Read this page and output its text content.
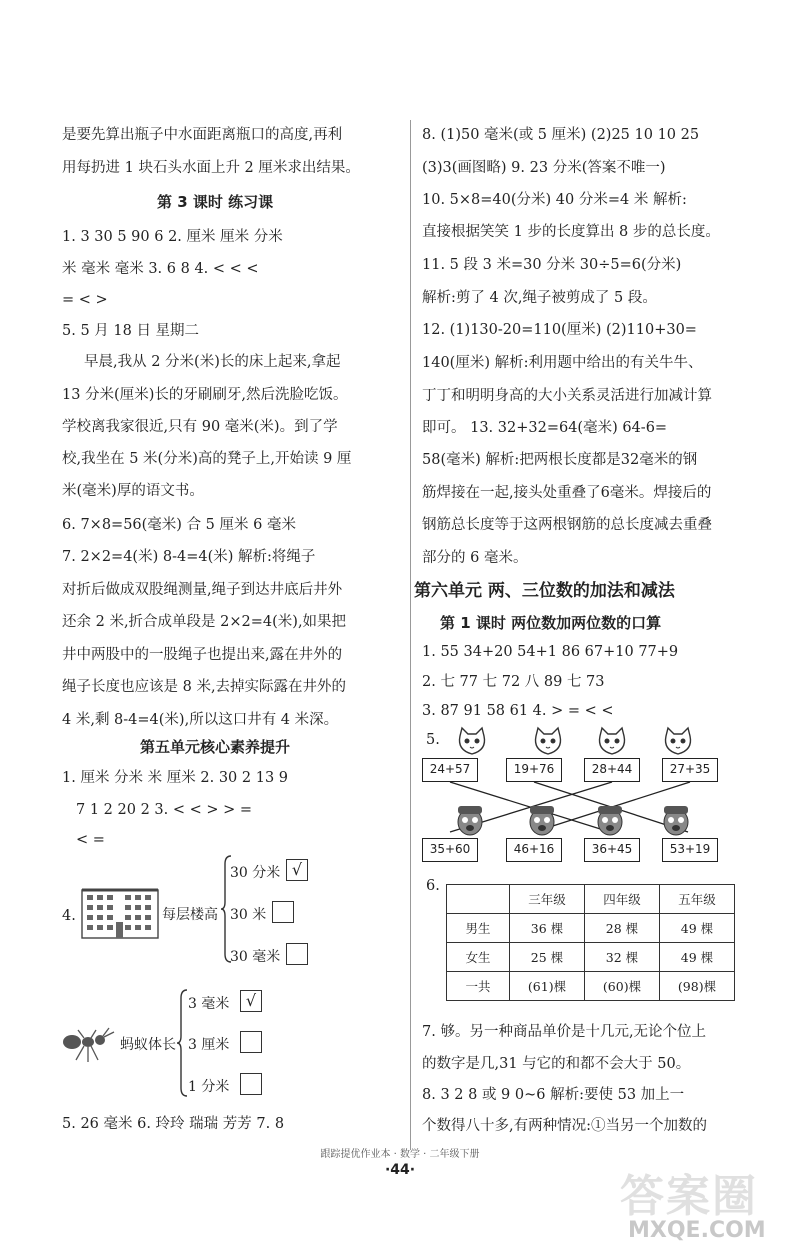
是要先算出瓶子中水面距离瓶口的高度,再利
用每扔进 1 块石头水面上升 2 厘米求出结果。
第 3 课时 练习课
1. 3 30 5 90 6 2. 厘米 厘米 分米
米 毫米 毫米 3. 6 8 4. < < <
= < >
5. 5 月 18 日 星期二
早晨,我从 2 分米(米)长的床上起来,拿起
13 分米(厘米)长的牙刷刷牙,然后洗脸吃饭。
学校离我家很近,只有 90 毫米(米)。到了学
校,我坐在 5 米(分米)高的凳子上,开始读 9 厘
米(毫米)厚的语文书。
6. 7×8=56(毫米) 合 5 厘米 6 毫米
7. 2×2=4(米) 8-4=4(米) 解析:将绳子
对折后做成双股绳测量,绳子到达井底后井外
还余 2 米,折合成单段是 2×2=4(米),如果把
井中两股中的一股绳子也提出来,露在井外的
绳子长度也应该是 8 米,去掉实际露在井外的
4 米,剩 8-4=4(米),所以这口井有 4 米深。
第五单元核心素养提升
1. 厘米 分米 米 厘米 2. 30 2 13 9
7 1 2 20 2 3. < < > > =
< =
4.	每层楼高
30 分米 √
30 米
30 毫米
蚂蚁体长
3 毫米	√
3 厘米
1 分米
5. 26 毫米 6. 玲玲 瑞瑞 芳芳 7. 8
8. (1)50 毫米(或 5 厘米) (2)25 10 10 25
(3)3(画图略) 9. 23 分米(答案不唯一)
10. 5×8=40(分米) 40 分米=4 米 解析:
直接根据笑笑 1 步的长度算出 8 步的总长度。
11. 5 段 3 米=30 分米 30÷5=6(分米)
解析:剪了 4 次,绳子被剪成了 5 段。
12. (1)130-20=110(厘米) (2)110+30=
140(厘米) 解析:利用题中给出的有关牛牛、
丁丁和明明身高的大小关系灵活进行加减计算
即可。 13. 32+32=64(毫米) 64-6=
58(毫米) 解析:把两根长度都是32毫米的钢
筋焊接在一起,接头处重叠了6毫米。焊接后的
钢筋总长度等于这两根钢筋的总长度减去重叠
部分的 6 毫米。
第六单元 两、三位数的加法和减法
第 1 课时 两位数加两位数的口算
1. 55 34+20 54+1 86 67+10 77+9
2. 七 77 七 72 八 89 七 73
3. 87 91 58 61 4. > = < <
5.
24+57	19+76	28+44	27+35
35+60	46+16	36+45	53+19
6.
	三年级	四年级	五年级
男生	36 棵	28 棵	49 棵
女生	25 棵	32 棵	49 棵
一共	(61)棵	(60)棵	(98)棵
7. 够。另一种商品单价是十几元,无论个位上
的数字是几,31 与它的和都不会大于 50。
8. 3 2 8 或 9 0~6 解析:要使 53 加上一
个数得八十多,有两种情况:①当另一个加数的
跟踪提优作业本 · 数学 · 二年级下册
·44·
答案圈
MXQE.COM
